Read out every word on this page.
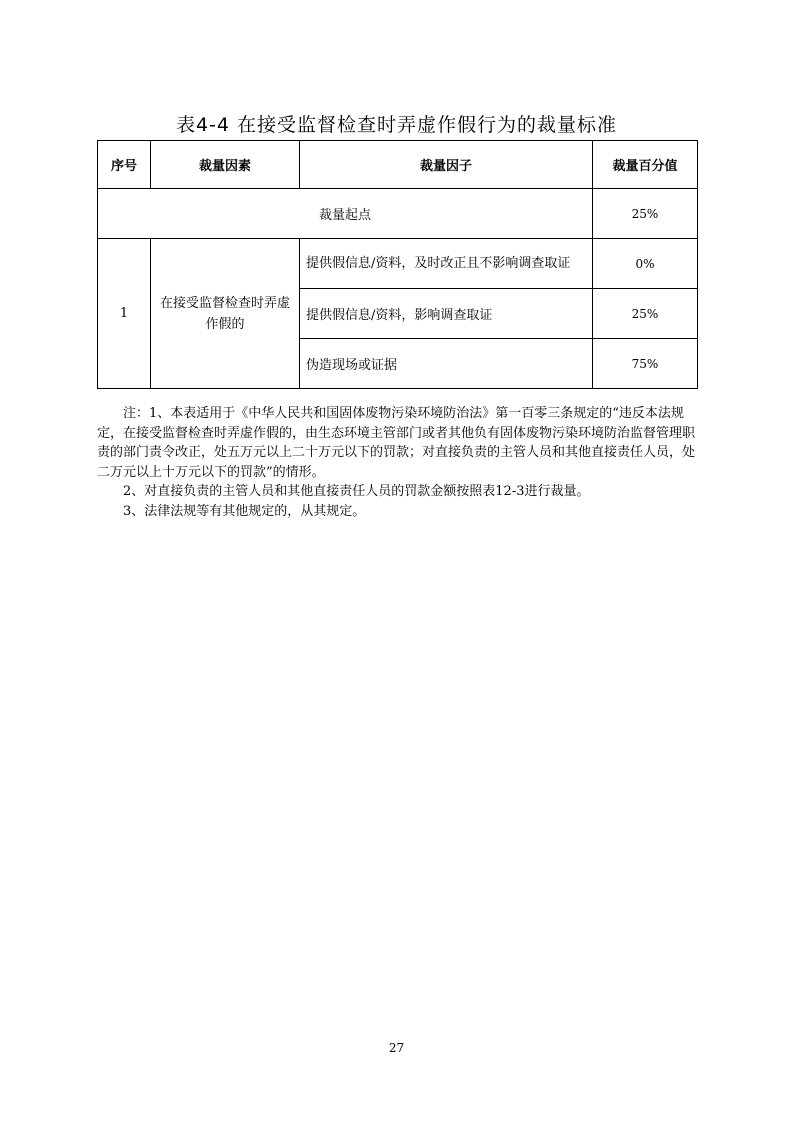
表4-4 在接受监督检查时弄虚作假行为的裁量标准
序号	裁量因素	裁量因子	裁量百分值
裁量起点			25%
1	在接受监督检查时弄虚作假的	提供假信息/资料，及时改正且不影响调查取证	0%
		提供假信息/资料，影响调查取证	25%
		伪造现场或证据	75%

注：1、本表适用于《中华人民共和国固体废物污染环境防治法》第一百零三条规定的“违反本法规定，在接受监督检查时弄虚作假的，由生态环境主管部门或者其他负有固体废物污染环境防治监督管理职责的部门责令改正，处五万元以上二十万元以下的罚款；对直接负责的主管人员和其他直接责任人员，处二万元以上十万元以下的罚款”的情形。

2、对直接负责的主管人员和其他直接责任人员的罚款金额按照表12-3进行裁量。

3、法律法规等有其他规定的，从其规定。

27
